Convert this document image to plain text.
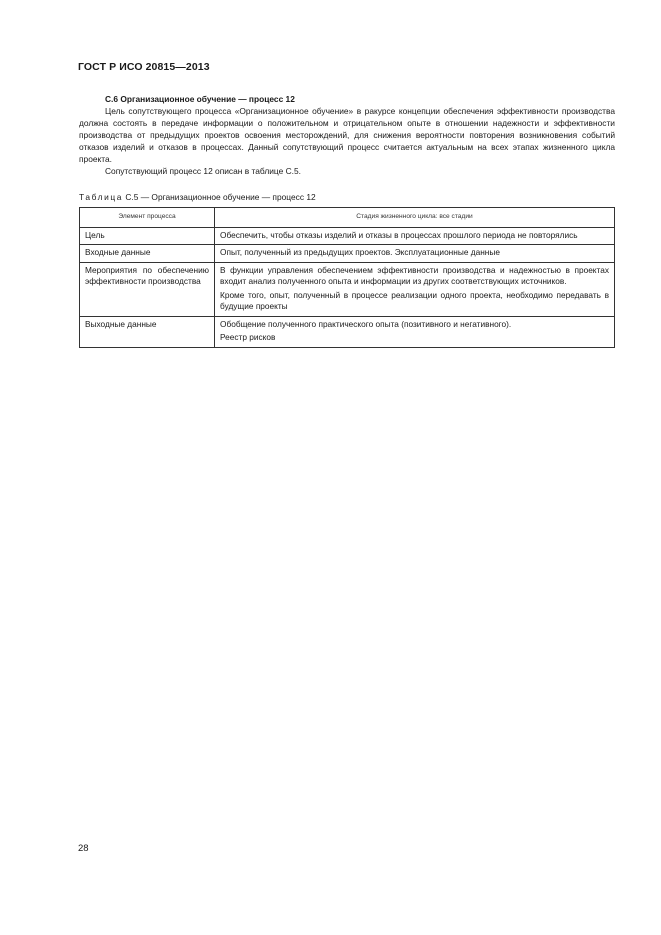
ГОСТ Р ИСО 20815—2013
C.6 Организационное обучение — процесс 12

Цель сопутствующего процесса «Организационное обучение» в ракурсе концепции обеспечения эффективности производства должна состоять в передаче информации о положительном и отрицательном опыте в отношении надежности и эффективности производства от предыдущих проектов освоения месторождений, для снижения вероятности повторения возникновения событий отказов изделий и отказов в процессах. Данный сопутствующий процесс считается актуальным на всех этапах жизненного цикла проекта.

Сопутствующий процесс 12 описан в таблице C.5.

Таблица C.5 — Организационное обучение — процесс 12
Элемент процесса	Стадия жизненного цикла: все стадии

Цель	Обеспечить, чтобы отказы изделий и отказы в процессах прошлого периода не повторялись

Входные данные	Опыт, полученный из предыдущих проектов. Эксплуатационные данные

Мероприятия по обеспечению эффективности производства	В функции управления обеспечением эффективности производства и надежностью в проектах входит анализ полученного опыта и информации из других соответствующих источников.

Кроме того, опыт, полученный в процессе реализации одного проекта, необходимо передавать в будущие проекты

Выходные данные	Обобщение полученного практического опыта (позитивного и негативного).

Реестр рисков

28
